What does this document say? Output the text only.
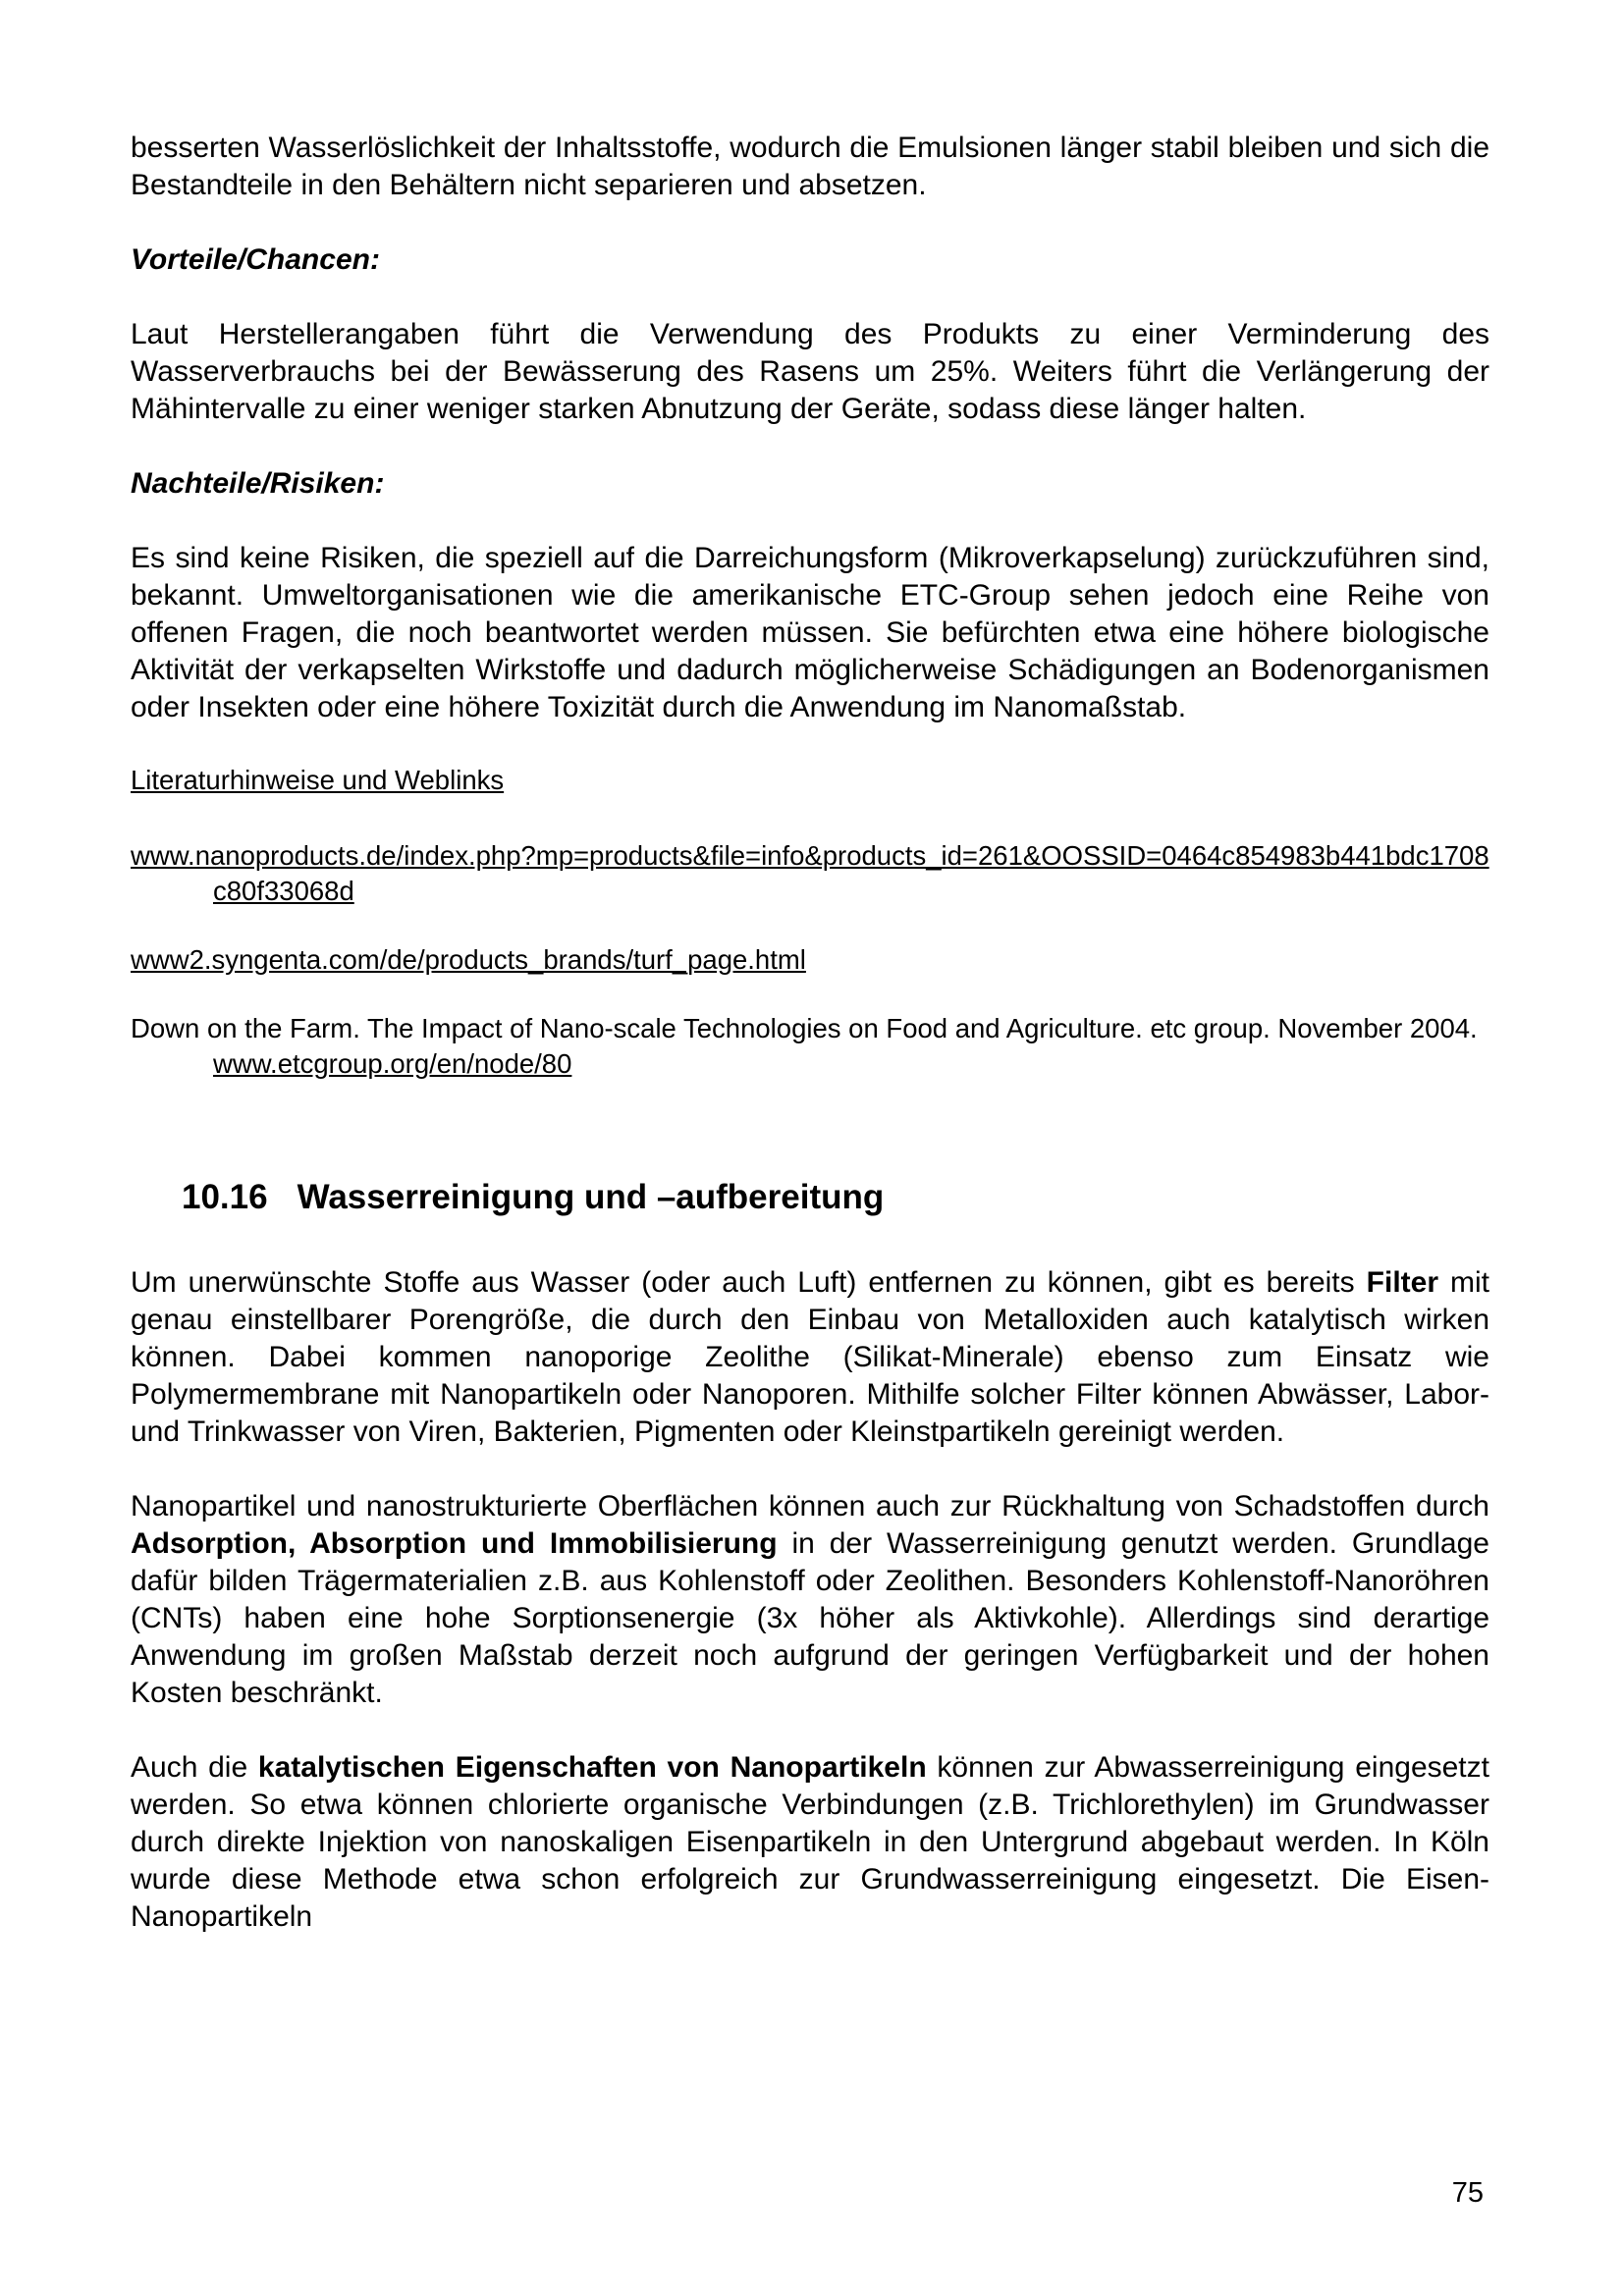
besserten Wasserlöslichkeit der Inhaltsstoffe, wodurch die Emulsionen länger stabil bleiben und sich die Bestandteile in den Behältern nicht separieren und absetzen.

Vorteile/Chancen:

Laut Herstellerangaben führt die Verwendung des Produkts zu einer Verminderung des Wasserverbrauchs bei der Bewässerung des Rasens um 25%. Weiters führt die Verlängerung der Mähintervalle zu einer weniger starken Abnutzung der Geräte, sodass diese länger halten.

Nachteile/Risiken:

Es sind keine Risiken, die speziell auf die Darreichungsform (Mikroverkapselung) zurückzuführen sind, bekannt. Umweltorganisationen wie die amerikanische ETC-Group sehen jedoch eine Reihe von offenen Fragen, die noch beantwortet werden müssen. Sie befürchten etwa eine höhere biologische Aktivität der verkapselten Wirkstoffe und dadurch möglicherweise Schädigungen an Bodenorganismen oder Insekten oder eine höhere Toxizität durch die Anwendung im Nanomaßstab.

Literaturhinweise und Weblinks

www.nanoproducts.de/index.php?mp=products&file=info&products_id=261&OOSSID=0464c854983b441bdc1708c80f33068d

www2.syngenta.com/de/products_brands/turf_page.html

Down on the Farm. The Impact of Nano-scale Technologies on Food and Agriculture. etc group. November 2004. www.etcgroup.org/en/node/80

10.16 Wasserreinigung und –aufbereitung

Um unerwünschte Stoffe aus Wasser (oder auch Luft) entfernen zu können, gibt es bereits Filter mit genau einstellbarer Porengröße, die durch den Einbau von Metalloxiden auch katalytisch wirken können. Dabei kommen nanoporige Zeolithe (Silikat-Minerale) ebenso zum Einsatz wie Polymermembrane mit Nanopartikeln oder Nanoporen. Mithilfe solcher Filter können Abwässer, Labor- und Trinkwasser von Viren, Bakterien, Pigmenten oder Kleinstpartikeln gereinigt werden.

Nanopartikel und nanostrukturierte Oberflächen können auch zur Rückhaltung von Schadstoffen durch Adsorption, Absorption und Immobilisierung in der Wasserreinigung genutzt werden. Grundlage dafür bilden Trägermaterialien z.B. aus Kohlenstoff oder Zeolithen. Besonders Kohlenstoff-Nanoröhren (CNTs) haben eine hohe Sorptionsenergie (3x höher als Aktivkohle). Allerdings sind derartige Anwendung im großen Maßstab derzeit noch aufgrund der geringen Verfügbarkeit und der hohen Kosten beschränkt.

Auch die katalytischen Eigenschaften von Nanopartikeln können zur Abwasserreinigung eingesetzt werden. So etwa können chlorierte organische Verbindungen (z.B. Trichlorethylen) im Grundwasser durch direkte Injektion von nanoskaligen Eisenpartikeln in den Untergrund abgebaut werden. In Köln wurde diese Methode etwa schon erfolgreich zur Grundwasserreinigung eingesetzt. Die Eisen-Nanopartikeln

75
